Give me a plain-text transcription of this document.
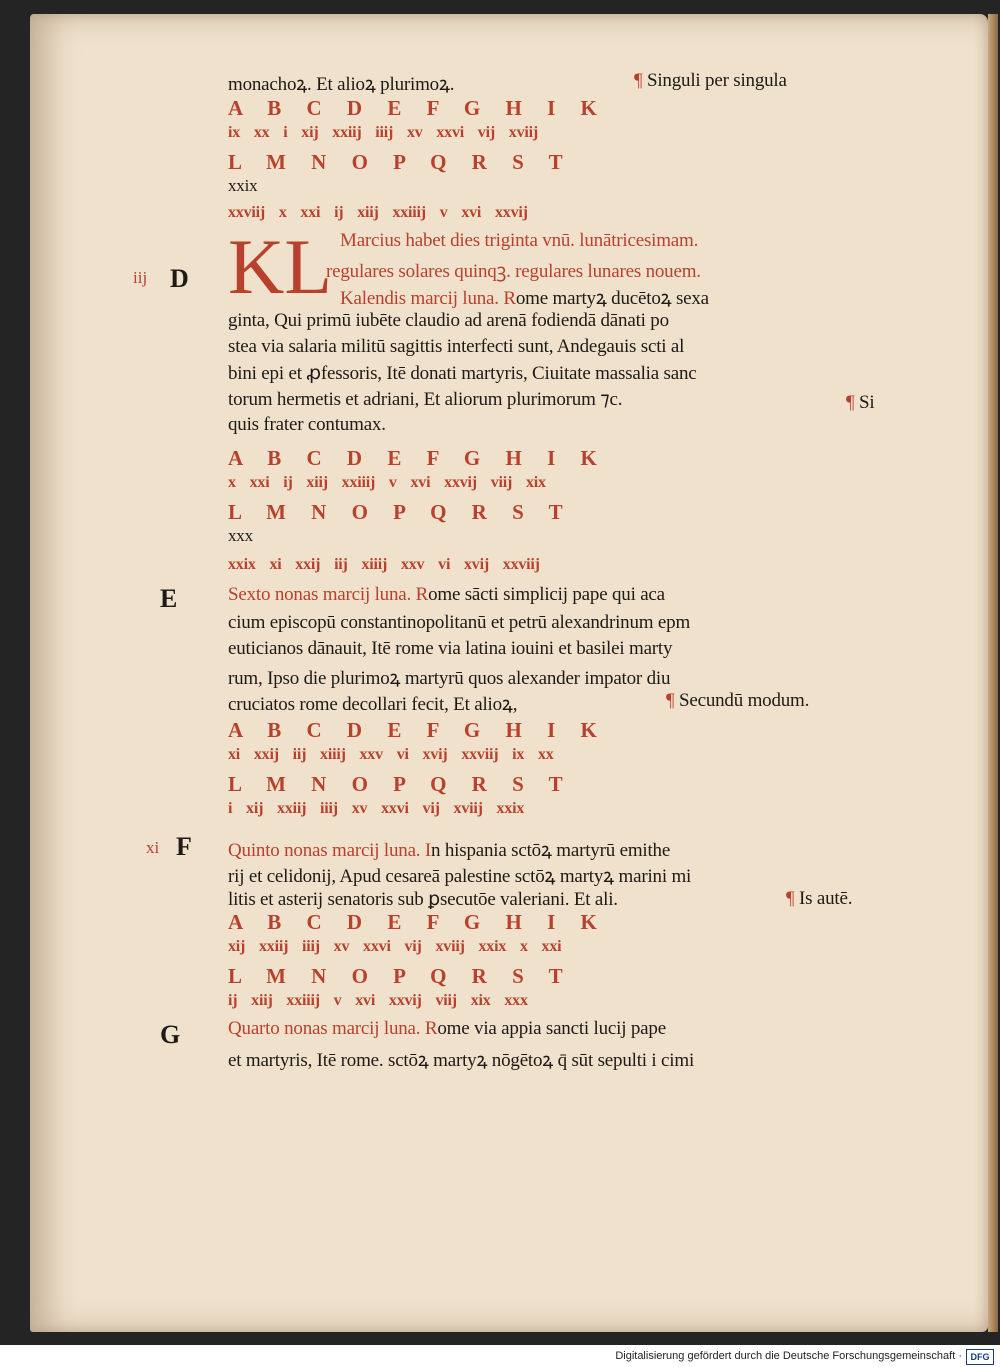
monachoꝝ. Et alioꝝ plurimoꝝ.	¶ Singuli per singula
A B C D E F G H I K
ix xx i xij xxiij iiij xv xxvi vij xviij
L M N O P Q R S T
xxix
xxviij x xxi ij xiij xxiiij v xvi xxvij
KL Marcius habet dies triginta vnū. lunātricesimam.
regulares solares quinqꝫ. regulares lunares nouem.
iij D
Kalendis marcij luna. Rome martyꝝ ducētoꝝ sexa
ginta, Qui primū iubēte claudio ad arenā fodiendā dānati po
stea via salaria militū sagittis interfecti sunt, Andegauis scti al
bini epi et ꝓfessoris, Itē donati martyris, Ciuitate massalia sanc
torum hermetis et adriani, Et aliorum plurimorum ⁊c.	¶ Si
quis frater contumax.
A B C D E F G H I K
x xxi ij xiij xxiiij v xvi xxvij viij xix
L M N O P Q R S T
xxx
xxix xi xxij iij xiiij xxv vi xvij xxviij
E	Sexto nonas marcij luna. Rome sācti simplicij pape qui aca
cium episcopū constantinopolitanū et petrū alexandrinum epm
euticianos dānauit, Itē rome via latina iouini et basilei marty
rum, Ipso die plurimoꝝ martyrū quos alexander impator diu
cruciatos rome decollari fecit, Et alioꝝ,	¶ Secundū modum.
A B C D E F G H I K
xi xxij iij xiiij xxv vi xvij xxviij ix xx
L M N O P Q R S T
i xij xxiij iiij xv xxvi vij xviij xxix
xi F Quinto nonas marcij luna. In hispania sctōꝝ martyrū emithe
rij et celidonij, Apud cesareā palestine sctōꝝ martyꝝ marini mi
litis et asterij senatoris sub ꝑsecutōe valeriani. Et ali.	¶ Is autē.
A B C D E F G H I K
xij xxiij iiij xv xxvi vij xviij xxix x xxi
L M N O P Q R S T
ij xiij xxiiij v xvi xxvij viij xix xxx
G	Quarto nonas marcij luna. Rome via appia sancti lucij pape
et martyris, Itē rome. sctōꝝ martyꝝ nōgētoꝝ q̄ sūt sepulti i cimi
Digitalisierung gefördert durch die Deutsche Forschungsgemeinschaft · DFG
